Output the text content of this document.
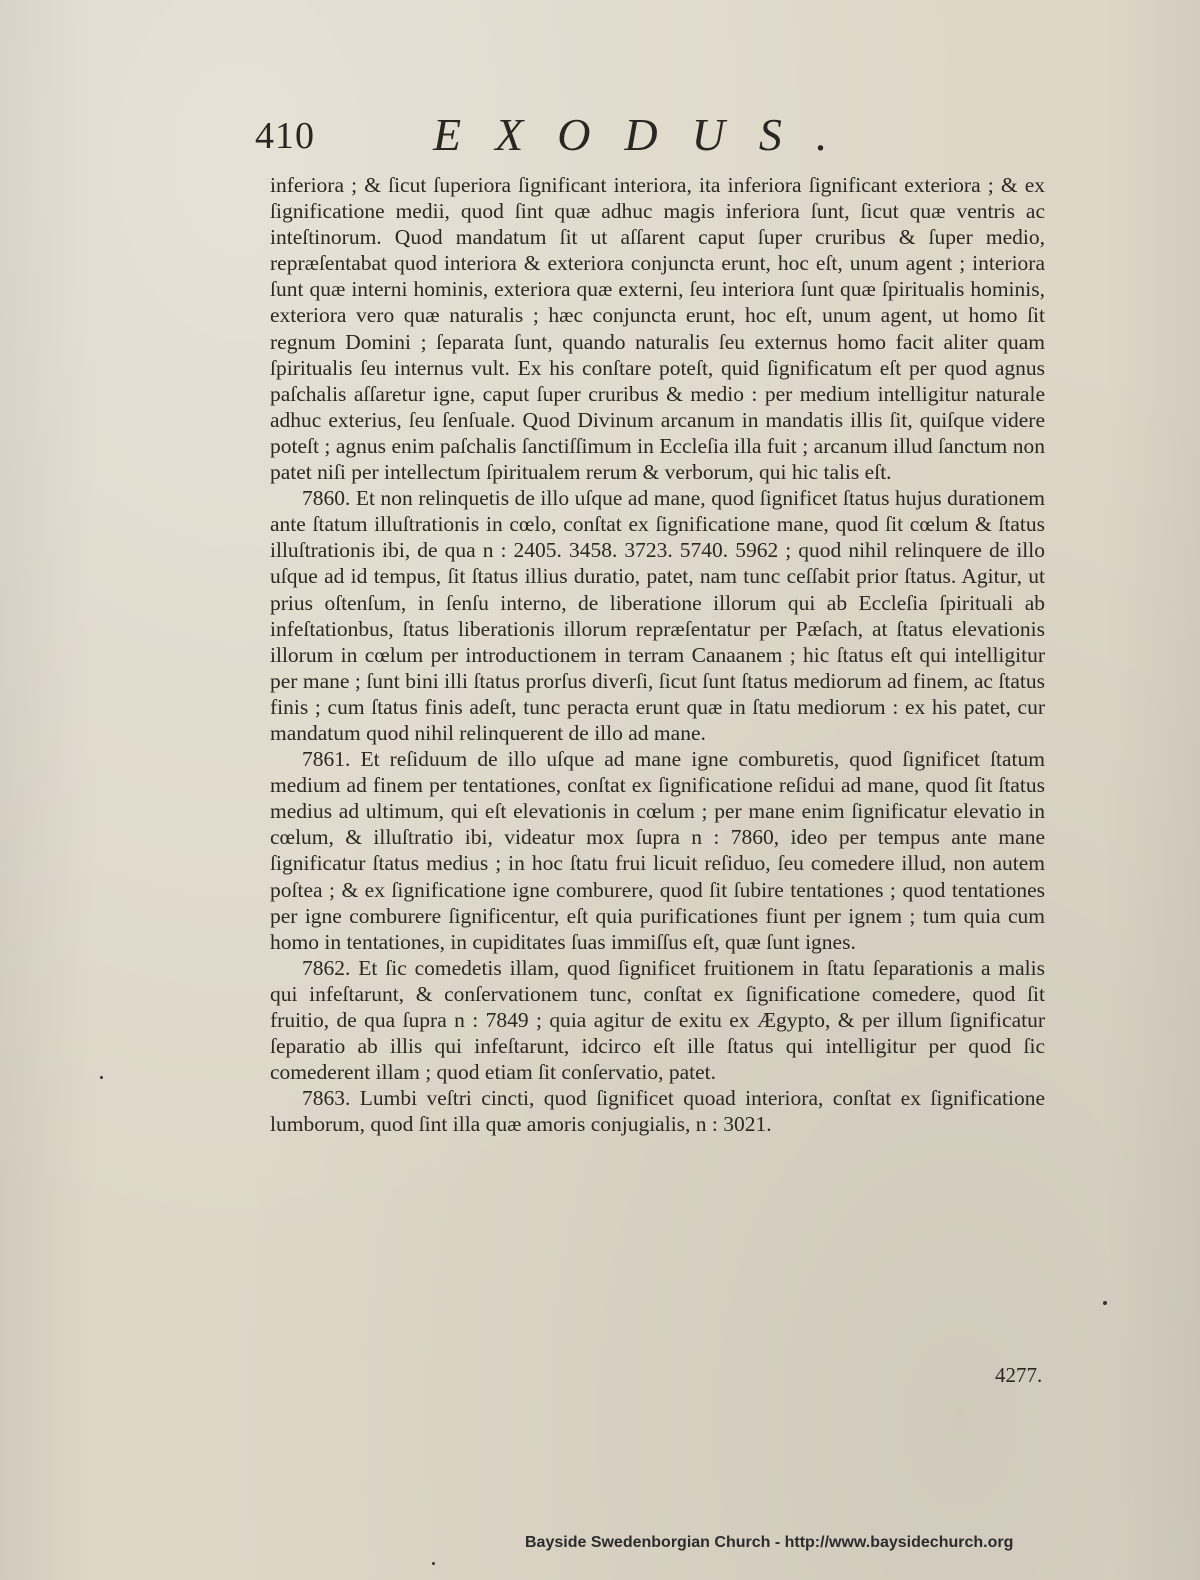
410	EXODUS.

inferiora ; & ſicut ſuperiora ſignificant interiora, ita inferiora ſignificant exteriora ; & ex ſignificatione medii, quod ſint quæ adhuc magis inferiora ſunt, ſicut quæ ventris ac inteſtinorum. Quod mandatum ſit ut aſſarent caput ſuper cruribus & ſuper medio, repræſentabat quod interiora & exteriora conjuncta erunt, hoc eſt, unum agent ; interiora ſunt quæ interni hominis, exteriora quæ externi, ſeu interiora ſunt quæ ſpiritualis hominis, exteriora vero quæ naturalis ; hæc conjuncta erunt, hoc eſt, unum agent, ut homo ſit regnum Domini ; ſeparata ſunt, quando naturalis ſeu externus homo facit aliter quam ſpiritualis ſeu internus vult. Ex his conſtare poteſt, quid ſignificatum eſt per quod agnus paſchalis aſſaretur igne, caput ſuper cruribus & medio : per medium intelligitur naturale adhuc exterius, ſeu ſenſuale. Quod Divinum arcanum in mandatis illis ſit, quiſque videre poteſt ; agnus enim paſchalis ſanctiſſimum in Eccleſia illa fuit ; arcanum illud ſanctum non patet niſi per intellectum ſpiritualem rerum & verborum, qui hic talis eſt.

7860. Et non relinquetis de illo uſque ad mane, quod ſignificet ſtatus hujus durationem ante ſtatum illuſtrationis in cœlo, conſtat ex ſignificatione mane, quod ſit cœlum & ſtatus illuſtrationis ibi, de qua n : 2405. 3458. 3723. 5740. 5962 ; quod nihil relinquere de illo uſque ad id tempus, ſit ſtatus illius duratio, patet, nam tunc ceſſabit prior ſtatus. Agitur, ut prius oſtenſum, in ſenſu interno, de liberatione illorum qui ab Eccleſia ſpirituali ab infeſtationbus, ſtatus liberationis illorum repræſentatur per Pæſach, at ſtatus elevationis illorum in cœlum per introductionem in terram Canaanem ; hic ſtatus eſt qui intelligitur per mane ; ſunt bini illi ſtatus prorſus diverſi, ſicut ſunt ſtatus mediorum ad finem, ac ſtatus finis ; cum ſtatus finis adeſt, tunc peracta erunt quæ in ſtatu mediorum : ex his patet, cur mandatum quod nihil relinquerent de illo ad mane.

7861. Et reſiduum de illo uſque ad mane igne comburetis, quod ſignificet ſtatum medium ad finem per tentationes, conſtat ex ſignificatione reſidui ad mane, quod ſit ſtatus medius ad ultimum, qui eſt elevationis in cœlum ; per mane enim ſignificatur elevatio in cœlum, & illuſtratio ibi, videatur mox ſupra n : 7860, ideo per tempus ante mane ſignificatur ſtatus medius ; in hoc ſtatu frui licuit reſiduo, ſeu comedere illud, non autem poſtea ; & ex ſignificatione igne comburere, quod ſit ſubire tentationes ; quod tentationes per igne comburere ſignificentur, eſt quia purificationes fiunt per ignem ; tum quia cum homo in tentationes, in cupiditates ſuas immiſſus eſt, quæ ſunt ignes.

7862. Et ſic comedetis illam, quod ſignificet fruitionem in ſtatu ſeparationis a malis qui infeſtarunt, & conſervationem tunc, conſtat ex ſignificatione comedere, quod ſit fruitio, de qua ſupra n : 7849 ; quia agitur de exitu ex Ægypto, & per illum ſignificatur ſeparatio ab illis qui infeſtarunt, idcirco eſt ille ſtatus qui intelligitur per quod ſic comederent illam ; quod etiam ſit conſervatio, patet.

7863. Lumbi veſtri cincti, quod ſignificet quoad interiora, conſtat ex ſignificatione lumborum, quod ſint illa quæ amoris conjugialis, n : 3021.

4277.
Bayside Swedenborgian Church - http://www.baysidechurch.org
